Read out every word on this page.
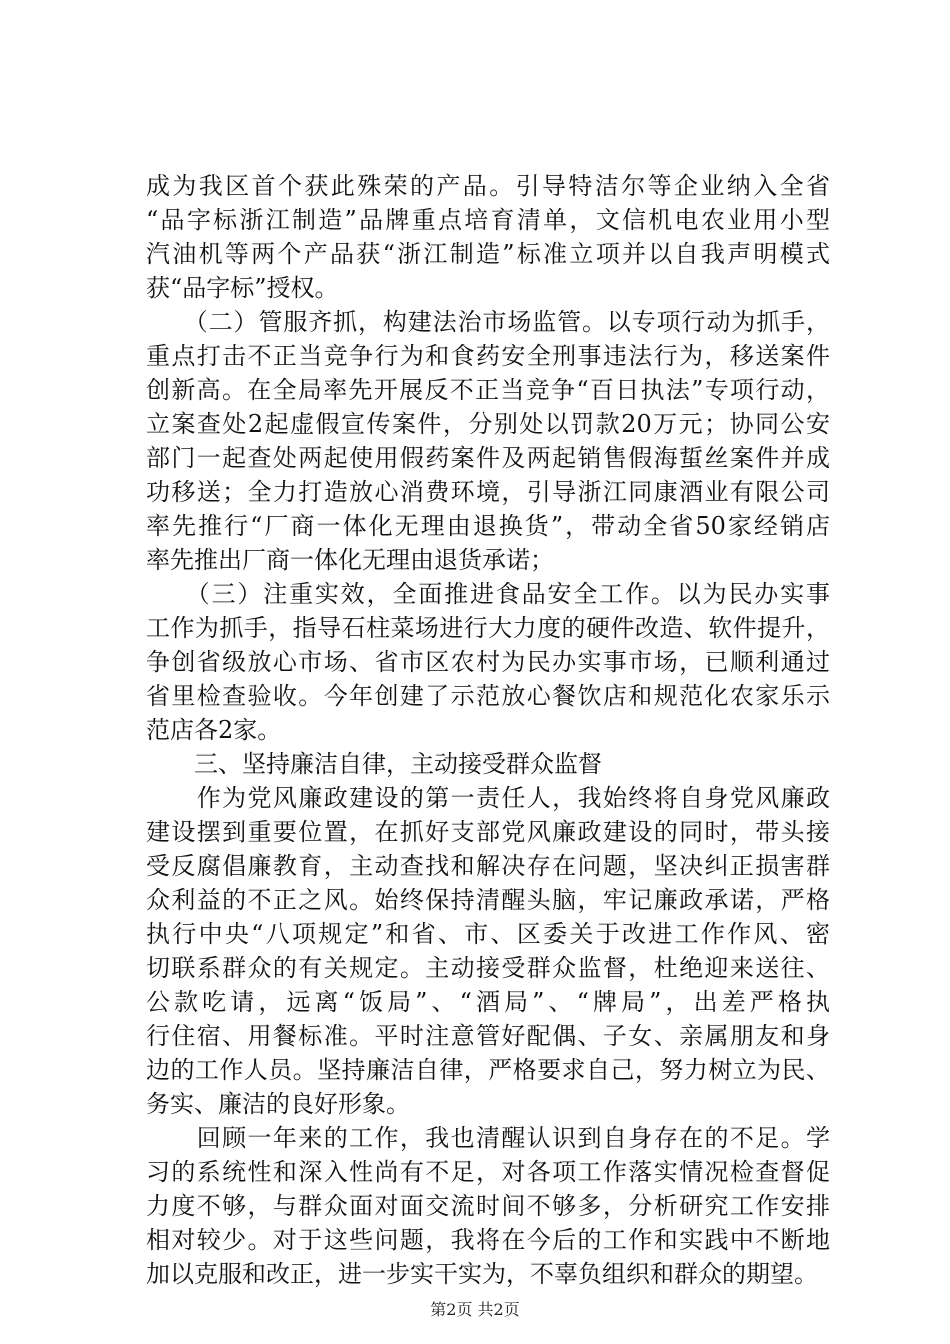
成为我区首个获此殊荣的产品。引导特洁尔等企业纳入全省
“品字标浙江制造”品牌重点培育清单，文信机电农业用小型
汽油机等两个产品获“浙江制造”标准立项并以自我声明模式
获“品字标”授权。
　　（二）管服齐抓，构建法治市场监管。以专项行动为抓手，
重点打击不正当竞争行为和食药安全刑事违法行为，移送案件
创新高。在全局率先开展反不正当竞争“百日执法”专项行动，
立案查处2起虚假宣传案件，分别处以罚款20万元；协同公安
部门一起查处两起使用假药案件及两起销售假海蜇丝案件并成
功移送；全力打造放心消费环境，引导浙江同康酒业有限公司
率先推行“厂商一体化无理由退换货”，带动全省50家经销店
率先推出厂商一体化无理由退货承诺；
　　（三）注重实效，全面推进食品安全工作。以为民办实事
工作为抓手，指导石柱菜场进行大力度的硬件改造、软件提升，
争创省级放心市场、省市区农村为民办实事市场，已顺利通过
省里检查验收。今年创建了示范放心餐饮店和规范化农家乐示
范店各2家。
　　三、坚持廉洁自律，主动接受群众监督
　　作为党风廉政建设的第一责任人，我始终将自身党风廉政
建设摆到重要位置，在抓好支部党风廉政建设的同时，带头接
受反腐倡廉教育，主动查找和解决存在问题，坚决纠正损害群
众利益的不正之风。始终保持清醒头脑，牢记廉政承诺，严格
执行中央“八项规定”和省、市、区委关于改进工作作风、密
切联系群众的有关规定。主动接受群众监督，杜绝迎来送往、
公款吃请，远离“饭局”、“酒局”、“牌局”，出差严格执
行住宿、用餐标准。平时注意管好配偶、子女、亲属朋友和身
边的工作人员。坚持廉洁自律，严格要求自己，努力树立为民、
务实、廉洁的良好形象。
　　回顾一年来的工作，我也清醒认识到自身存在的不足。学
习的系统性和深入性尚有不足，对各项工作落实情况检查督促
力度不够，与群众面对面交流时间不够多，分析研究工作安排
相对较少。对于这些问题，我将在今后的工作和实践中不断地
加以克服和改正，进一步实干实为，不辜负组织和群众的期望。
第2页 共2页
